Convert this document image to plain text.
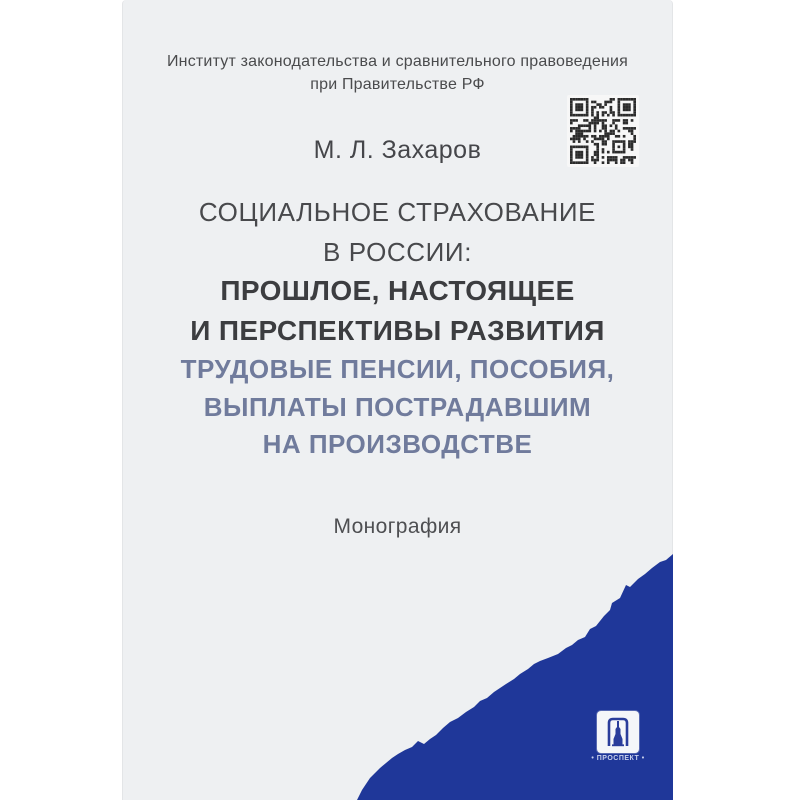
Институт законодательства и сравнительного правоведения
при Правительстве РФ
М. Л. Захаров
СОЦИАЛЬНОЕ СТРАХОВАНИЕ
В РОССИИ:
ПРОШЛОЕ, НАСТОЯЩЕЕ
И ПЕРСПЕКТИВЫ РАЗВИТИЯ
ТРУДОВЫЕ ПЕНСИИ, ПОСОБИЯ,
ВЫПЛАТЫ ПОСТРАДАВШИМ
НА ПРОИЗВОДСТВЕ
Монография
• ПРОСПЕКТ •
